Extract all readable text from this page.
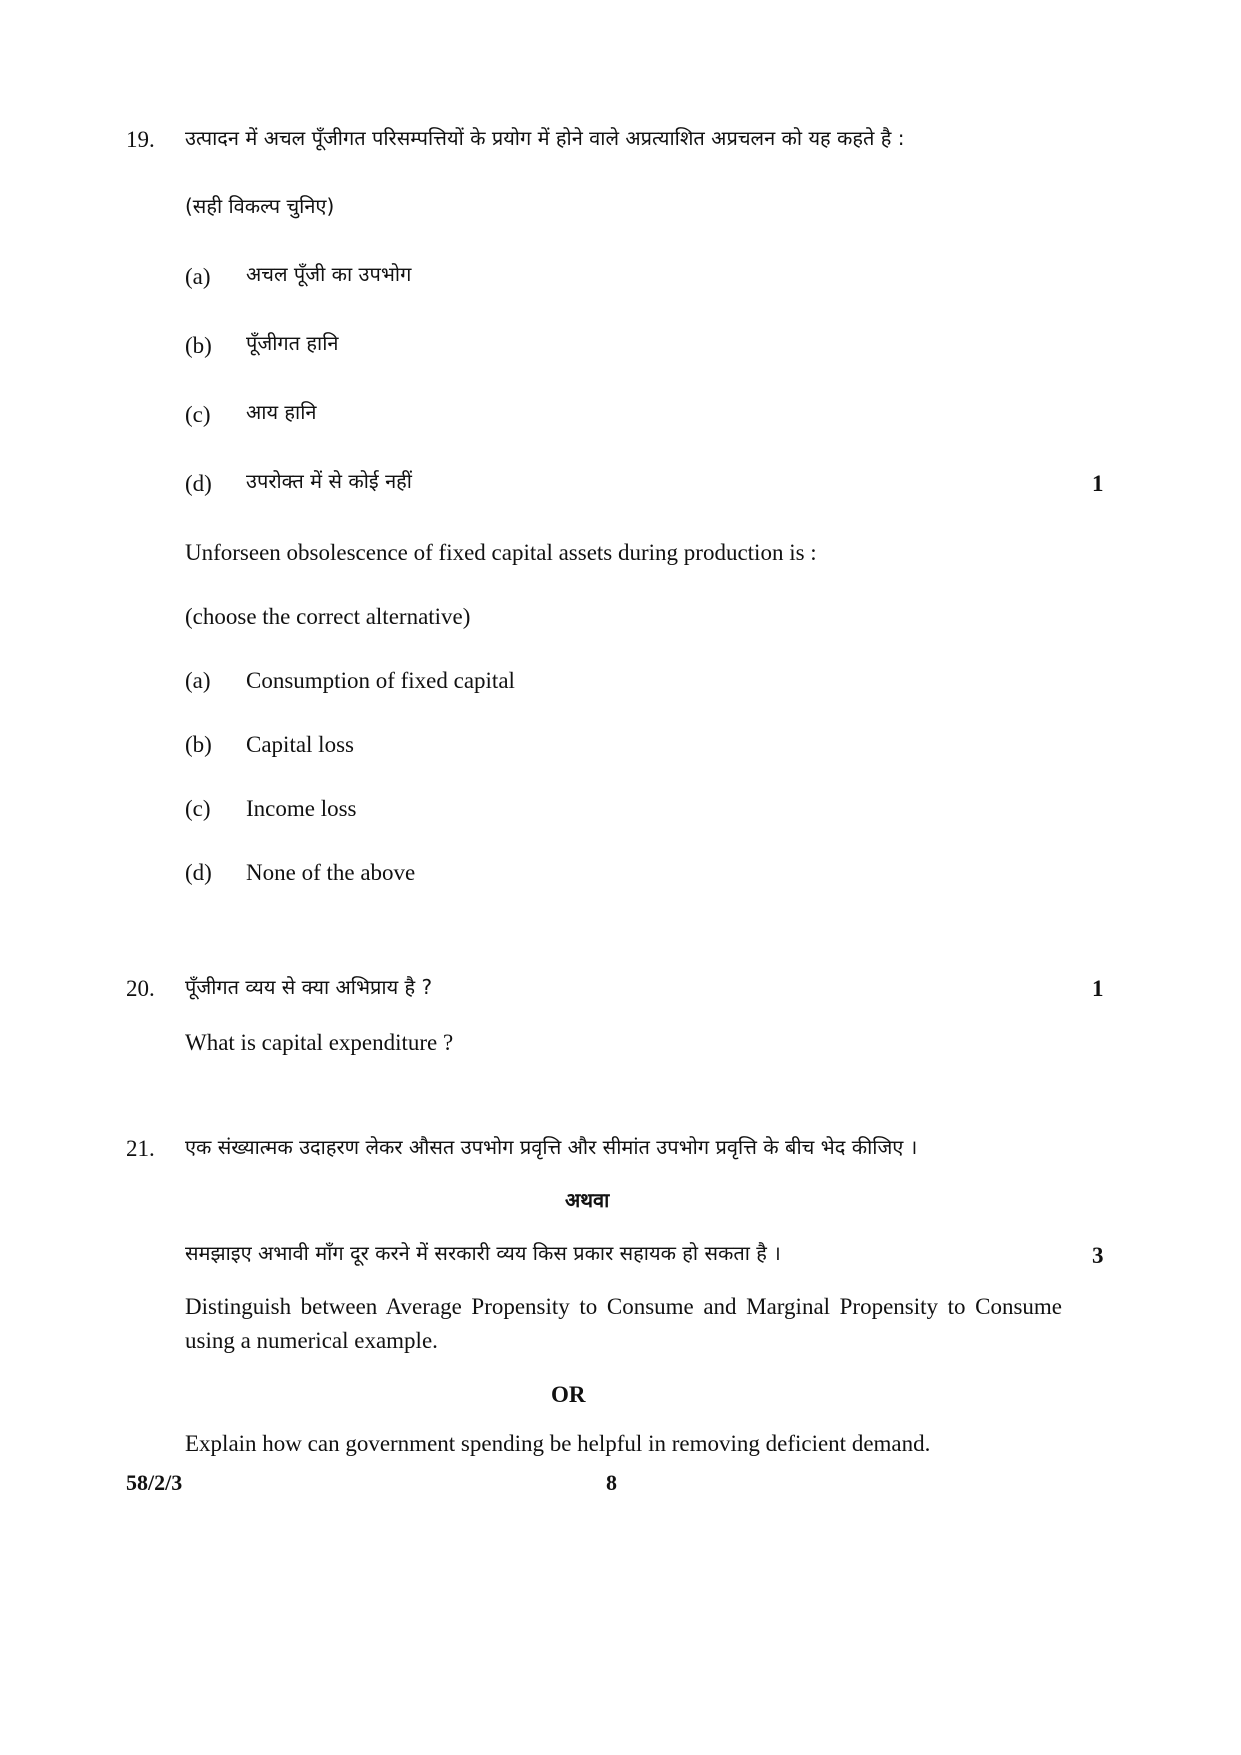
19. उत्पादन में अचल पूँजीगत परिसम्पत्तियों के प्रयोग में होने वाले अप्रत्याशित अप्रचलन को यह कहते है :
(सही विकल्प चुनिए)
(a) अचल पूँजी का उपभोग
(b) पूँजीगत हानि
(c) आय हानि
(d) उपरोक्त में से कोई नहीं	1
Unforseen obsolescence of fixed capital assets during production is :
(choose the correct alternative)
(a) Consumption of fixed capital
(b) Capital loss
(c) Income loss
(d) None of the above
20. पूँजीगत व्यय से क्या अभिप्राय है ?	1
What is capital expenditure ?
21. एक संख्यात्मक उदाहरण लेकर औसत उपभोग प्रवृत्ति और सीमांत उपभोग प्रवृत्ति के बीच भेद कीजिए ।
अथवा
समझाइए अभावी माँग दूर करने में सरकारी व्यय किस प्रकार सहायक हो सकता है ।	3
Distinguish between Average Propensity to Consume and Marginal Propensity to Consume using a numerical example.
OR
Explain how can government spending be helpful in removing deficient demand.
58/2/3	8
